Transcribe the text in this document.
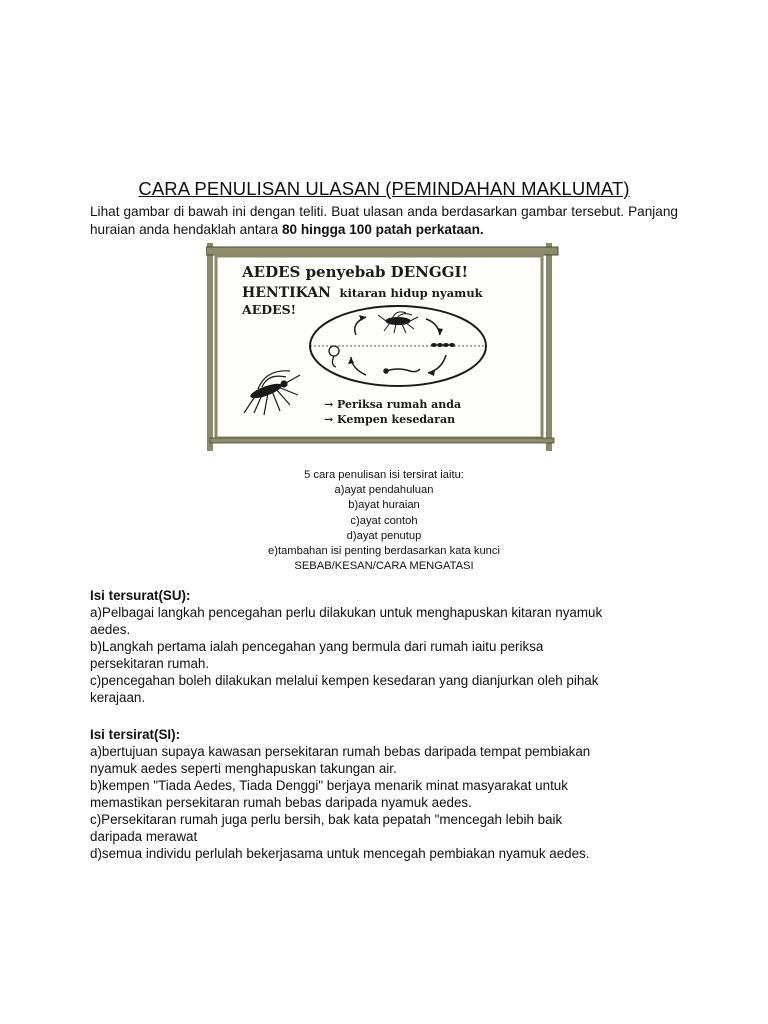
CARA PENULISAN ULASAN (PEMINDAHAN MAKLUMAT)
Lihat gambar di bawah ini dengan teliti. Buat ulasan anda berdasarkan gambar tersebut. Panjang huraian anda hendaklah antara 80 hingga 100 patah perkataan.
AEDES penyebab DENGGI!
HENTIKAN kitaran hidup nyamuk
AEDES!
→ Periksa rumah anda
→ Kempen kesedaran
5 cara penulisan isi tersirat iaitu:
a)ayat pendahuluan
b)ayat huraian
c)ayat contoh
d)ayat penutup
e)tambahan isi penting berdasarkan kata kunci
SEBAB/KESAN/CARA MENGATASI
Isi tersurat(SU):
a)Pelbagai langkah pencegahan perlu dilakukan untuk menghapuskan kitaran nyamuk
aedes.
b)Langkah pertama ialah pencegahan yang bermula dari rumah iaitu periksa
persekitaran rumah.
c)pencegahan boleh dilakukan melalui kempen kesedaran yang dianjurkan oleh pihak
kerajaan.
Isi tersirat(SI):
a)bertujuan supaya kawasan persekitaran rumah bebas daripada tempat pembiakan
nyamuk aedes seperti menghapuskan takungan air.
b)kempen "Tiada Aedes, Tiada Denggi" berjaya menarik minat masyarakat untuk
memastikan persekitaran rumah bebas daripada nyamuk aedes.
c)Persekitaran rumah juga perlu bersih, bak kata pepatah "mencegah lebih baik
daripada merawat
d)semua individu perlulah bekerjasama untuk mencegah pembiakan nyamuk aedes.
